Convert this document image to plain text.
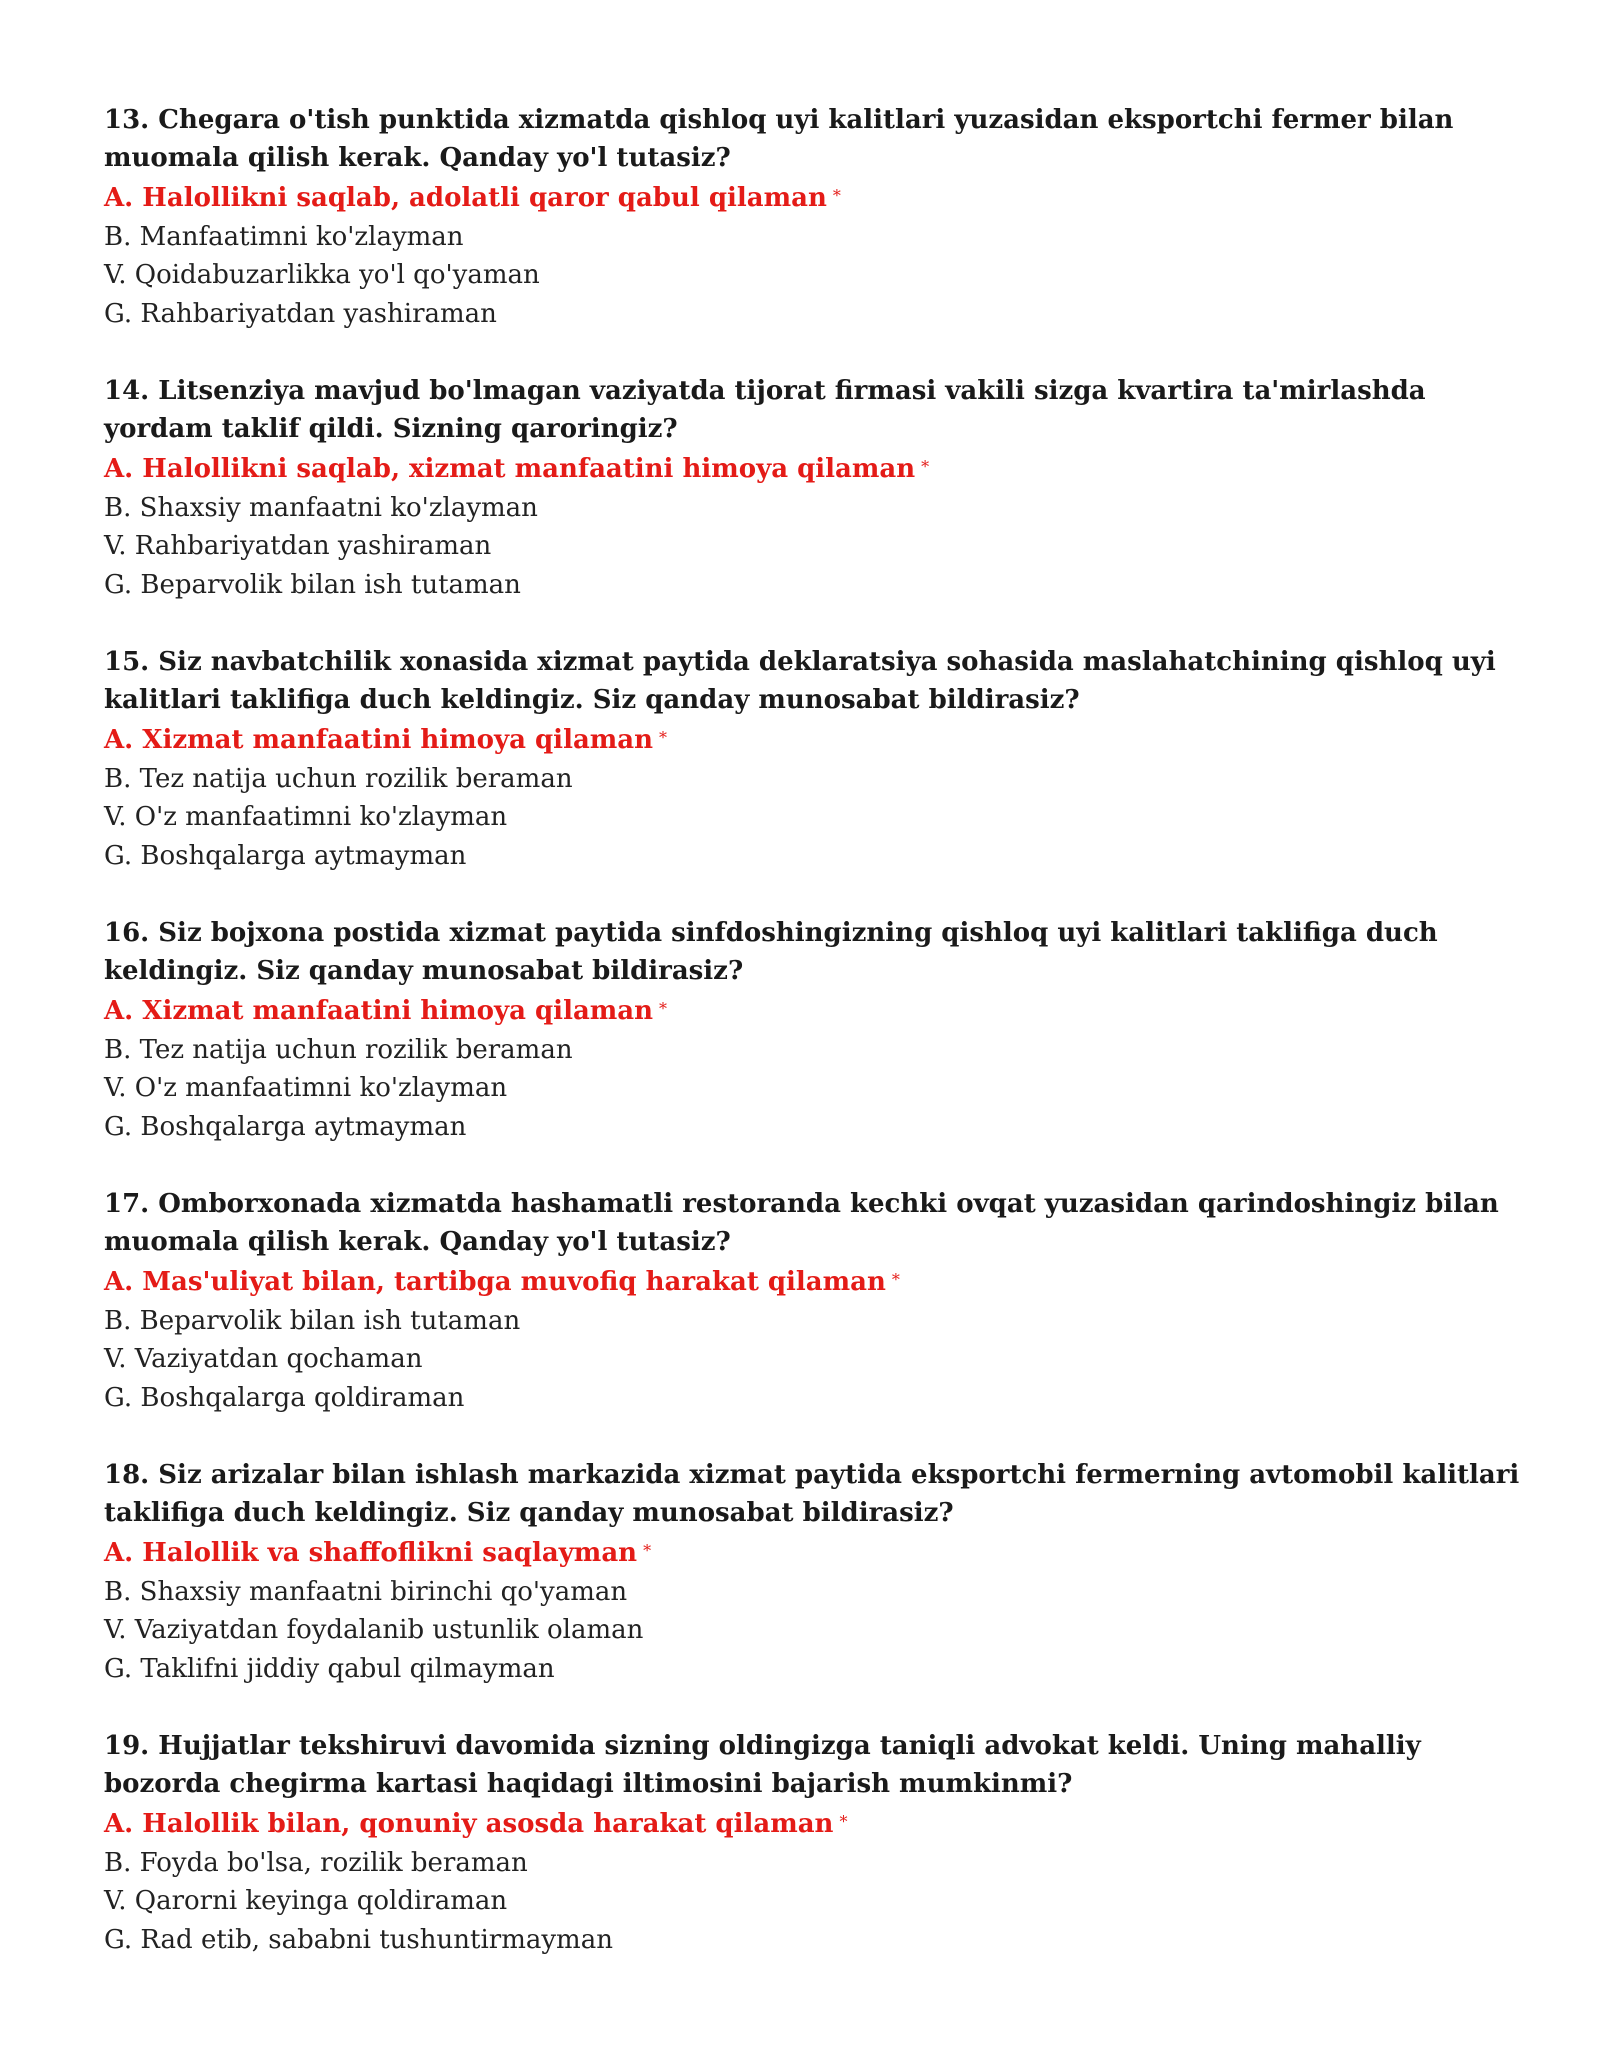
13. Chegara o'tish punktida xizmatda qishloq uyi kalitlari yuzasidan eksportchi fermer bilan muomala qilish kerak. Qanday yo'l tutasiz?

A. Halollikni saqlab, adolatli qaror qabul qilaman *

B. Manfaatimni ko'zlayman

V. Qoidabuzarlikka yo'l qo'yaman

G. Rahbariyatdan yashiraman

14. Litsenziya mavjud bo'lmagan vaziyatda tijorat firmasi vakili sizga kvartira ta'mirlashda yordam taklif qildi. Sizning qaroringiz?

A. Halollikni saqlab, xizmat manfaatini himoya qilaman *

B. Shaxsiy manfaatni ko'zlayman

V. Rahbariyatdan yashiraman

G. Beparvolik bilan ish tutaman

15. Siz navbatchilik xonasida xizmat paytida deklaratsiya sohasida maslahatchining qishloq uyi kalitlari taklifiga duch keldingiz. Siz qanday munosabat bildirasiz?

A. Xizmat manfaatini himoya qilaman *

B. Tez natija uchun rozilik beraman

V. O'z manfaatimni ko'zlayman

G. Boshqalarga aytmayman

16. Siz bojxona postida xizmat paytida sinfdoshingizning qishloq uyi kalitlari taklifiga duch keldingiz. Siz qanday munosabat bildirasiz?

A. Xizmat manfaatini himoya qilaman *

B. Tez natija uchun rozilik beraman

V. O'z manfaatimni ko'zlayman

G. Boshqalarga aytmayman

17. Omborxonada xizmatda hashamatli restoranda kechki ovqat yuzasidan qarindoshingiz bilan muomala qilish kerak. Qanday yo'l tutasiz?

A. Mas'uliyat bilan, tartibga muvofiq harakat qilaman *

B. Beparvolik bilan ish tutaman

V. Vaziyatdan qochaman

G. Boshqalarga qoldiraman

18. Siz arizalar bilan ishlash markazida xizmat paytida eksportchi fermerning avtomobil kalitlari taklifiga duch keldingiz. Siz qanday munosabat bildirasiz?

A. Halollik va shaffoflikni saqlayman *

B. Shaxsiy manfaatni birinchi qo'yaman

V. Vaziyatdan foydalanib ustunlik olaman

G. Taklifni jiddiy qabul qilmayman

19. Hujjatlar tekshiruvi davomida sizning oldingizga taniqli advokat keldi. Uning mahalliy bozorda chegirma kartasi haqidagi iltimosini bajarish mumkinmi?

A. Halollik bilan, qonuniy asosda harakat qilaman *

B. Foyda bo'lsa, rozilik beraman

V. Qarorni keyinga qoldiraman

G. Rad etib, sababni tushuntirmayman
